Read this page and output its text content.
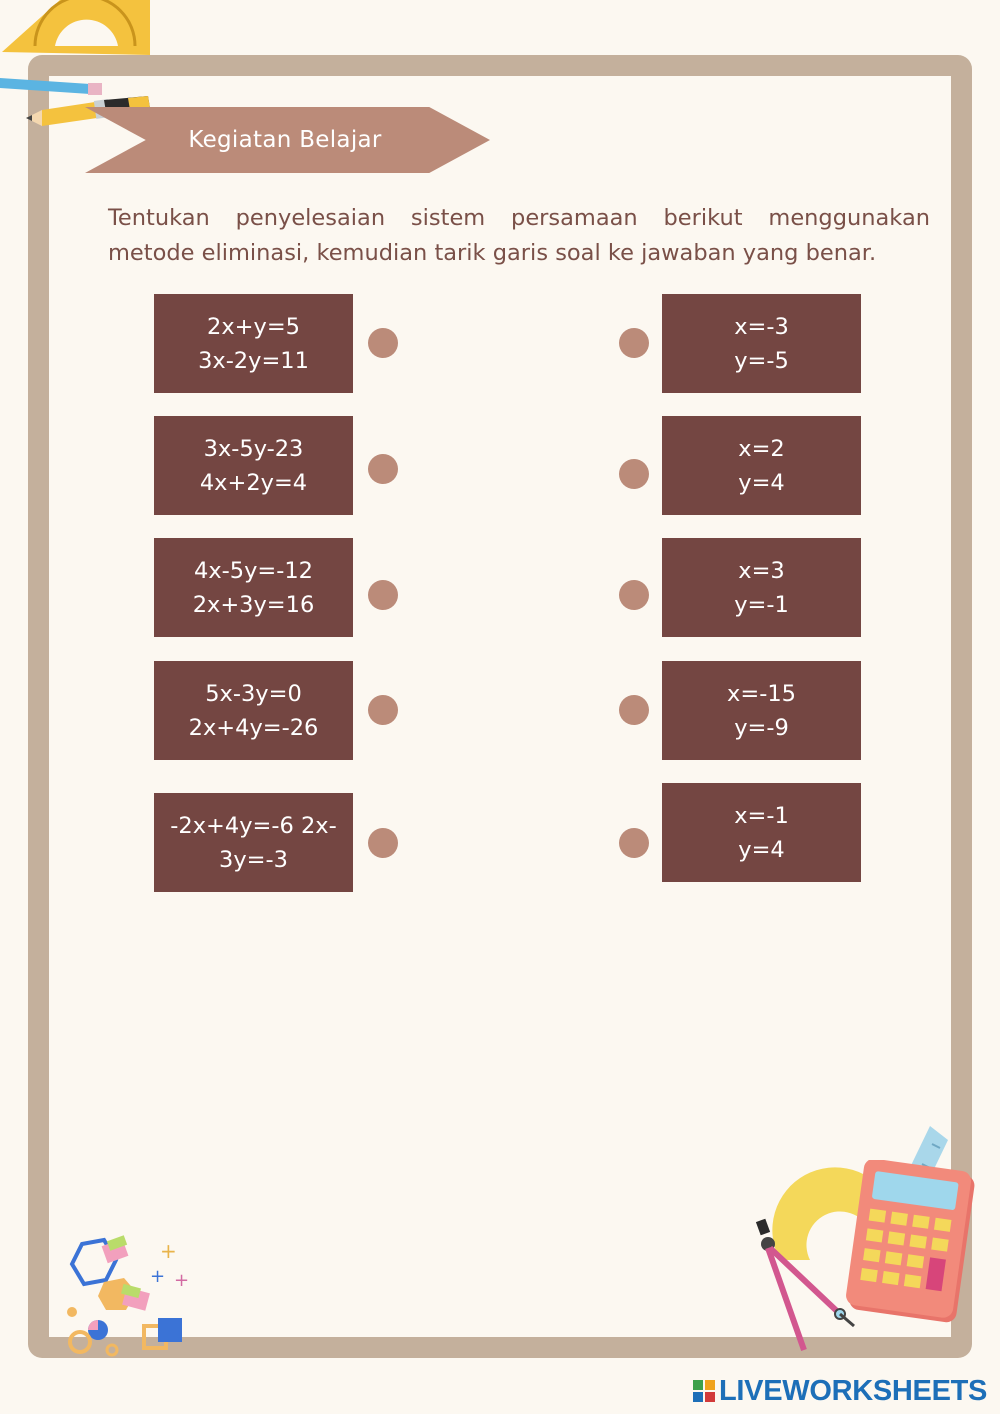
Kegiatan Belajar

Tentukan penyelesaian sistem persamaan berikut menggunakan metode eliminasi, kemudian tarik garis soal ke jawaban yang benar.

2x+y=5
3x-2y=11
3x-5y-23
4x+2y=4
4x-5y=-12
2x+3y=16
5x-3y=0
2x+4y=-26
-2x+4y=-6 2x-
3y=-3
x=-3
y=-5
x=2
y=4
x=3
y=-1
x=-15
y=-9
x=-1
y=4
+
+ +
LIVEWORKSHEETS
